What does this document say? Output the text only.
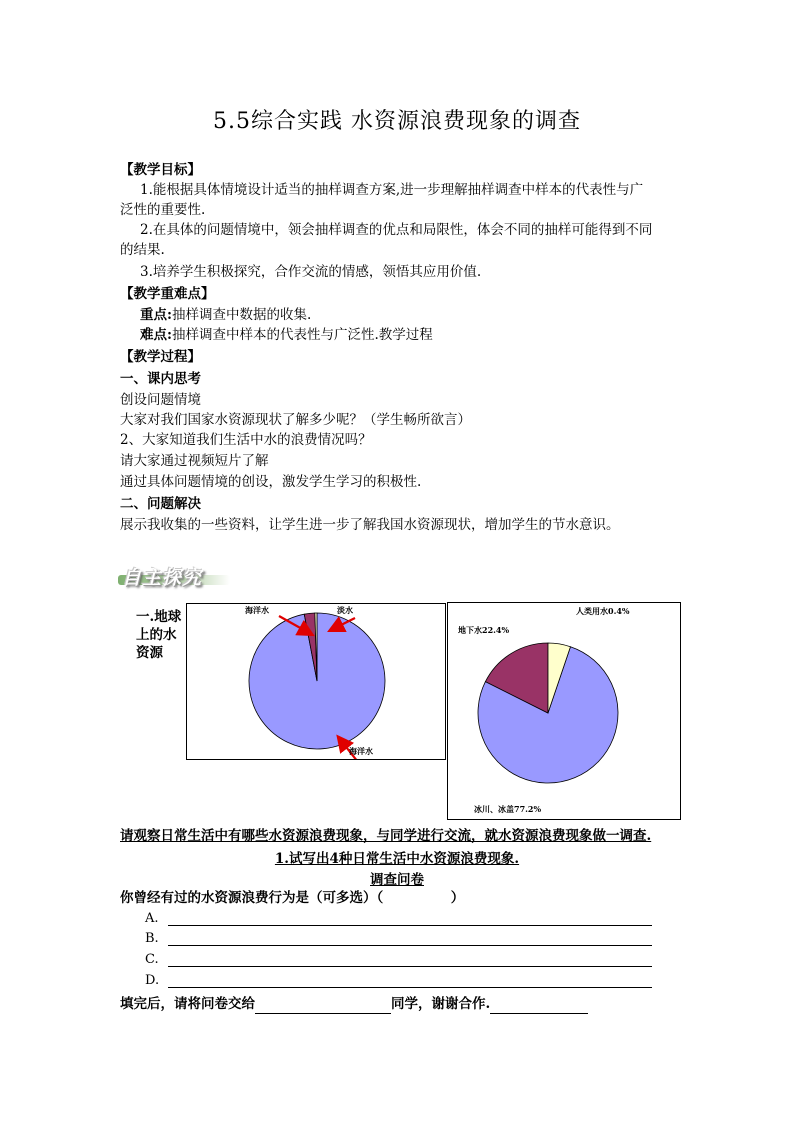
5.5综合实践 水资源浪费现象的调查
【教学目标】
1.能根据具体情境设计适当的抽样调查方案,进一步理解抽样调查中样本的代表性与广
泛性的重要性.
2.在具体的问题情境中，领会抽样调查的优点和局限性，体会不同的抽样可能得到不同
的结果.
3.培养学生积极探究，合作交流的情感，领悟其应用价值.
【教学重难点】
重点:抽样调查中数据的收集.
难点:抽样调查中样本的代表性与广泛性.教学过程
【教学过程】
一、课内思考
创设问题情境
大家对我们国家水资源现状了解多少呢？（学生畅所欲言）
2、大家知道我们生活中水的浪费情况吗？
请大家通过视频短片了解
通过具体问题情境的创设，激发学生学习的积极性.
二、问题解决
展示我收集的一些资料，让学生进一步了解我国水资源现状，增加学生的节水意识。
自主探究
一.地球上的水资源
海洋水	淡水
海洋水
人类用水0.4%
地下水22.4%
冰川、冰盖77.2%
请观察日常生活中有哪些水资源浪费现象，与同学进行交流，就水资源浪费现象做一调查.
1.试写出4种日常生活中水资源浪费现象.
调查问卷
你曾经有过的水资源浪费行为是（可多选）（　　　　　）
A.
B.
C.
D.
填完后，请将问卷交给	同学，谢谢合作.
